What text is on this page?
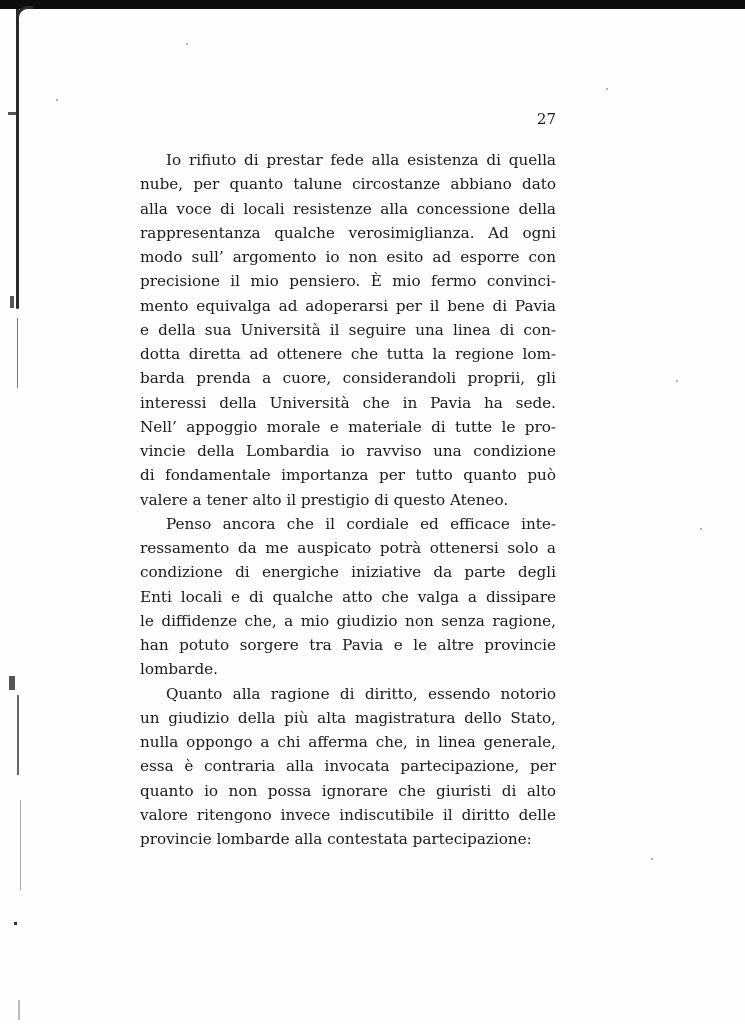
27
Io rifiuto di prestar fede alla esistenza di quella
nube, per quanto talune circostanze abbiano dato
alla voce di locali resistenze alla concessione della
rappresentanza qualche verosimiglianza. Ad ogni
modo sull’ argomento io non esito ad esporre con
precisione il mio pensiero. È mio fermo convinci-
mento equivalga ad adoperarsi per il bene di Pavia
e della sua Università il seguire una linea di con-
dotta diretta ad ottenere che tutta la regione lom-
barda prenda a cuore, considerandoli proprii, gli
interessi della Università che in Pavia ha sede.
Nell’ appoggio morale e materiale di tutte le pro-
vincie della Lombardia io ravviso una condizione
di fondamentale importanza per tutto quanto può
valere a tener alto il prestigio di questo Ateneo.
Penso ancora che il cordiale ed efficace inte-
ressamento da me auspicato potrà ottenersi solo a
condizione di energiche iniziative da parte degli
Enti locali e di qualche atto che valga a dissipare
le diffidenze che, a mio giudizio non senza ragione,
han potuto sorgere tra Pavia e le altre provincie
lombarde.
Quanto alla ragione di diritto, essendo notorio
un giudizio della più alta magistratura dello Stato,
nulla oppongo a chi afferma che, in linea generale,
essa è contraria alla invocata partecipazione, per
quanto io non possa ignorare che giuristi di alto
valore ritengono invece indiscutibile il diritto delle
provincie lombarde alla contestata partecipazione:
